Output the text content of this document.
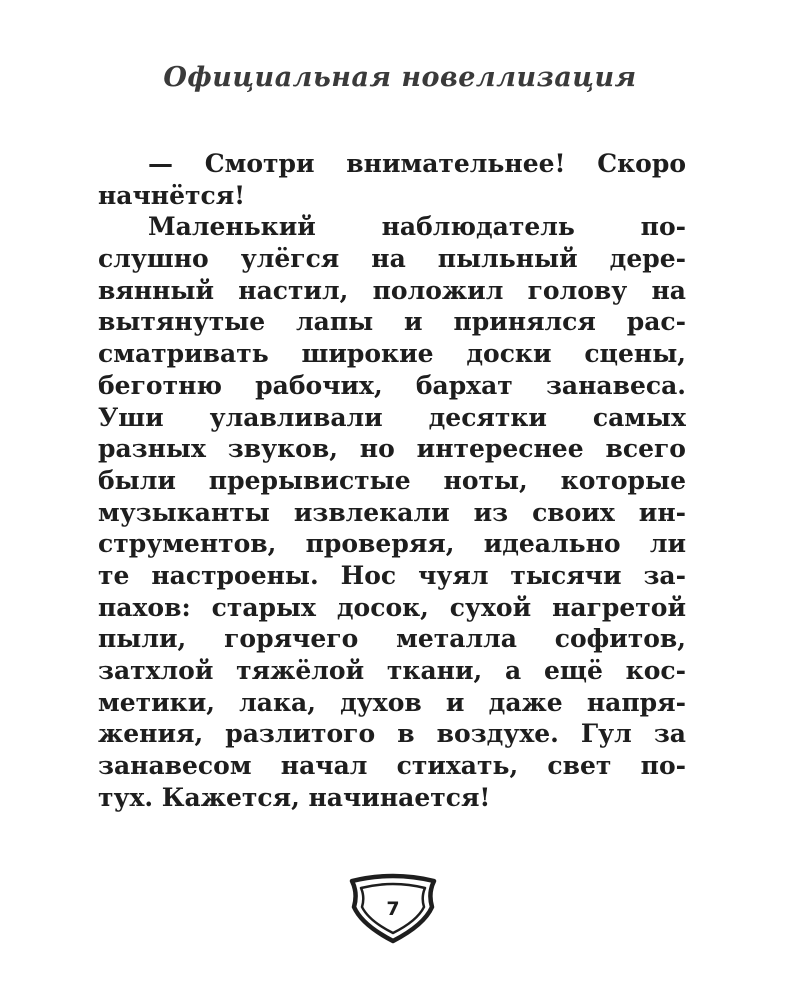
Официальная новеллизация
— Смотри внимательнее! Скоро
начнётся!
Маленький наблюдатель по-
слушно улёгся на пыльный дере-
вянный настил, положил голову на
вытянутые лапы и принялся рас-
сматривать широкие доски сцены,
беготню рабочих, бархат занавеса.
Уши улавливали десятки самых
разных звуков, но интереснее всего
были прерывистые ноты, которые
музыканты извлекали из своих ин-
струментов, проверяя, идеально ли
те настроены. Нос чуял тысячи за-
пахов: старых досок, сухой нагретой
пыли, горячего металла софитов,
затхлой тяжёлой ткани, а ещё кос-
метики, лака, духов и даже напря-
жения, разлитого в воздухе. Гул за
занавесом начал стихать, свет по-
тух. Кажется, начинается!
7
